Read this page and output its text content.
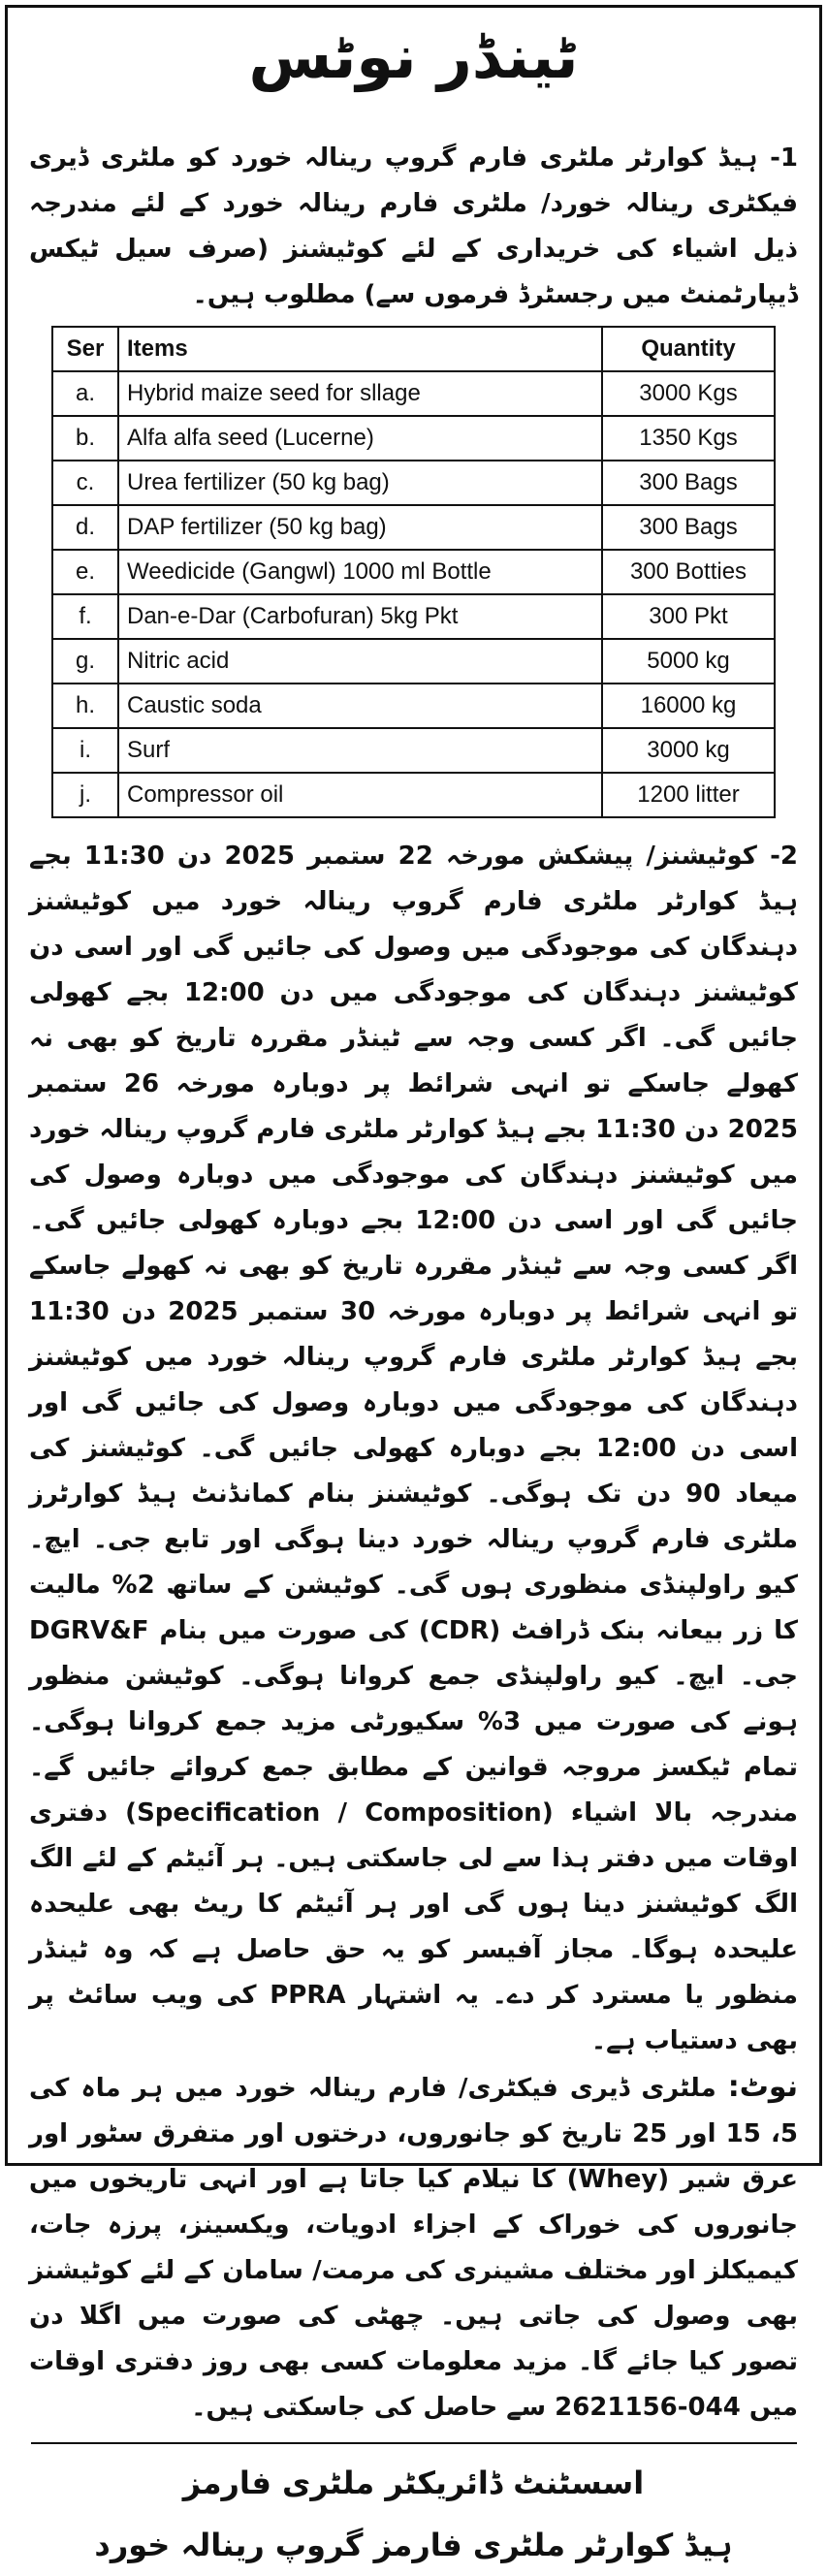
ٹینڈر نوٹس
1- ہیڈ کوارٹر ملٹری فارم گروپ رینالہ خورد کو ملٹری ڈیری فیکٹری رینالہ خورد/ ملٹری فارم رینالہ خورد کے لئے مندرجہ ذیل اشیاء کی خریداری کے لئے کوٹیشنز (صرف سیل ٹیکس ڈیپارٹمنٹ میں رجسٹرڈ فرموں سے) مطلوب ہیں۔
Ser	Items	Quantity
a.	Hybrid maize seed for sllage	3000 Kgs
b.	Alfa alfa seed (Lucerne)	1350 Kgs
c.	Urea fertilizer (50 kg bag)	300 Bags
d.	DAP fertilizer (50 kg bag)	300 Bags
e.	Weedicide (Gangwl) 1000 ml Bottle	300 Botties
f.	Dan-e-Dar (Carbofuran) 5kg Pkt	300 Pkt
g.	Nitric acid	5000 kg
h.	Caustic soda	16000 kg
i.	Surf	3000 kg
j.	Compressor oil	1200 litter
2- کوٹیشنز/ پیشکش مورخہ 22 ستمبر 2025 دن 11:30 بجے ہیڈ کوارٹر ملٹری فارم گروپ رینالہ خورد میں کوٹیشنز دہندگان کی موجودگی میں وصول کی جائیں گی اور اسی دن کوٹیشنز دہندگان کی موجودگی میں دن 12:00 بجے کھولی جائیں گی۔ اگر کسی وجہ سے ٹینڈر مقررہ تاریخ کو بھی نہ کھولے جاسکے تو انہی شرائط پر دوبارہ مورخہ 26 ستمبر 2025 دن 11:30 بجے ہیڈ کوارٹر ملٹری فارم گروپ رینالہ خورد میں کوٹیشنز دہندگان کی موجودگی میں دوبارہ وصول کی جائیں گی اور اسی دن 12:00 بجے دوبارہ کھولی جائیں گی۔ اگر کسی وجہ سے ٹینڈر مقررہ تاریخ کو بھی نہ کھولے جاسکے تو انہی شرائط پر دوبارہ مورخہ 30 ستمبر 2025 دن 11:30 بجے ہیڈ کوارٹر ملٹری فارم گروپ رینالہ خورد میں کوٹیشنز دہندگان کی موجودگی میں دوبارہ وصول کی جائیں گی اور اسی دن 12:00 بجے دوبارہ کھولی جائیں گی۔ کوٹیشنز کی میعاد 90 دن تک ہوگی۔ کوٹیشنز بنام کمانڈنٹ ہیڈ کوارٹرز ملٹری فارم گروپ رینالہ خورد دینا ہوگی اور تابع جی۔ ایچ۔ کیو راولپنڈی منظوری ہوں گی۔ کوٹیشن کے ساتھ 2% مالیت کا زر بیعانہ بنک ڈرافٹ (CDR) کی صورت میں بنام DGRV&F جی۔ ایچ۔ کیو راولپنڈی جمع کروانا ہوگی۔ کوٹیشن منظور ہونے کی صورت میں 3% سکیورٹی مزید جمع کروانا ہوگی۔ تمام ٹیکسز مروجہ قوانین کے مطابق جمع کروائے جائیں گے۔ مندرجہ بالا اشیاء (Specification / Composition) دفتری اوقات میں دفتر ہذا سے لی جاسکتی ہیں۔ ہر آئیٹم کے لئے الگ الگ کوٹیشنز دینا ہوں گی اور ہر آئیٹم کا ریٹ بھی علیحدہ علیحدہ ہوگا۔ مجاز آفیسر کو یہ حق حاصل ہے کہ وہ ٹینڈر منظور یا مسترد کر دے۔ یہ اشتہار PPRA کی ویب سائٹ پر بھی دستیاب ہے۔
نوٹ: ملٹری ڈیری فیکٹری/ فارم رینالہ خورد میں ہر ماہ کی 5، 15 اور 25 تاریخ کو جانوروں، درختوں اور متفرق سٹور اور عرق شیر (Whey) کا نیلام کیا جاتا ہے اور انہی تاریخوں میں جانوروں کی خوراک کے اجزاء ادویات، ویکسینز، پرزہ جات، کیمیکلز اور مختلف مشینری کی مرمت/ سامان کے لئے کوٹیشنز بھی وصول کی جاتی ہیں۔ چھٹی کی صورت میں اگلا دن تصور کیا جائے گا۔ مزید معلومات کسی بھی روز دفتری اوقات میں 044-2621156 سے حاصل کی جاسکتی ہیں۔
اسسٹنٹ ڈائریکٹر ملٹری فارمز
ہیڈ کوارٹر ملٹری فارمز گروپ رینالہ خورد
